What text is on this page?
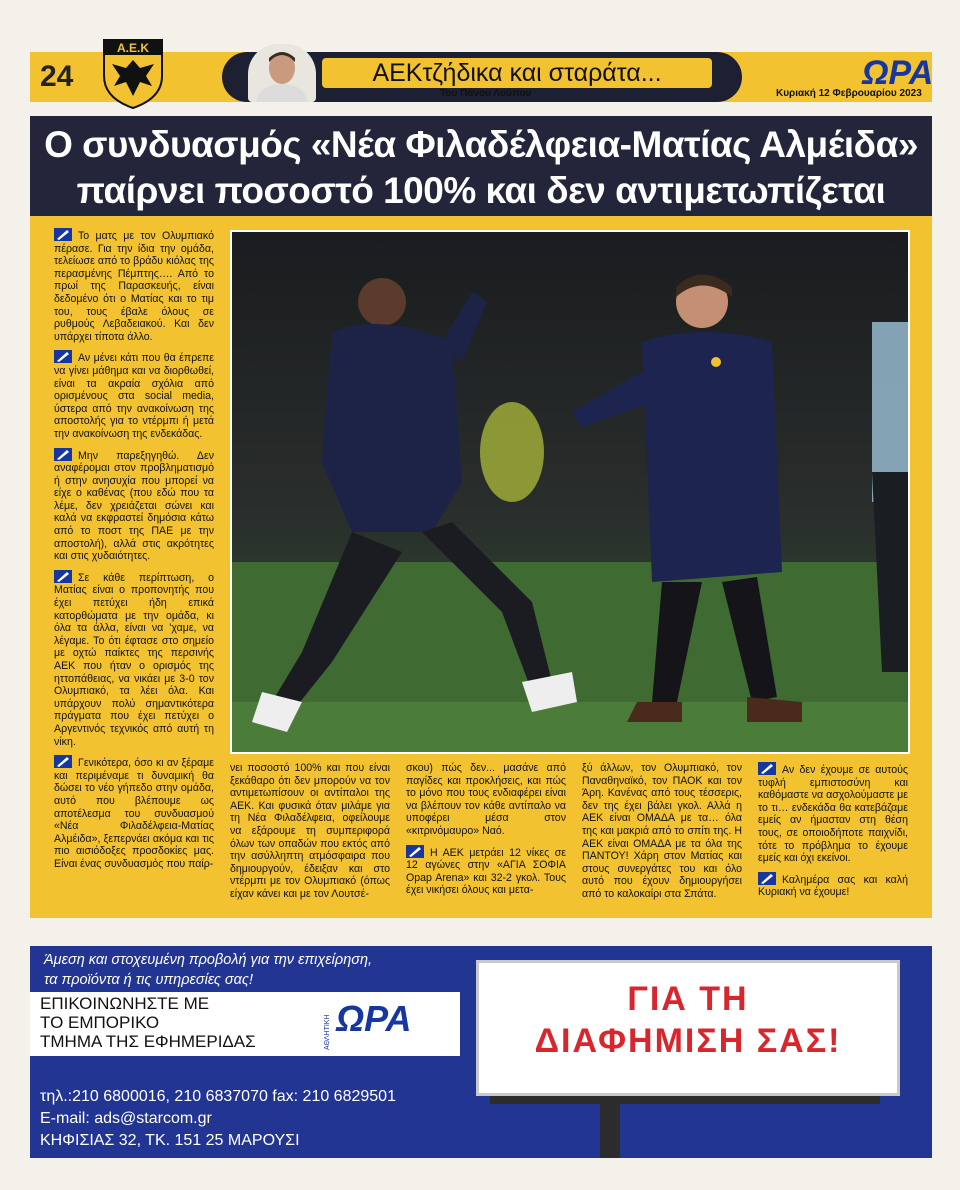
24
Α.Ε.Κ
ΑΕΚτζήδικα και σταράτα...
Του Πάνου Λούπου
ΩΡΑ
Κυριακή 12 Φεβρουαρίου 2023
Ο συνδυασμός «Νέα Φιλαδέλφεια-Ματίας Αλμέιδα»
παίρνει ποσοστό 100% και δεν αντιμετωπίζεται

Το ματς με τον Ολυμπιακό πέρασε. Για την ίδια την ομάδα, τελείωσε από το βράδυ κιόλας της περασμένης Πέμπτης…. Από το πρωί της Παρασκευής, είναι δεδομένο ότι ο Ματίας και το τιμ του, τους έβαλε όλους σε ρυθμούς Λεβαδειακού. Και δεν υπάρχει τίποτα άλλο.

Αν μένει κάτι που θα έπρεπε να γίνει μάθημα και να διορθωθεί, είναι τα ακραία σχόλια από ορισμένους στα social media, ύστερα από την ανακοίνωση της αποστολής για το ντέρμπι ή μετά την ανακοίνωση της ενδεκάδας.

Μην παρεξηγηθώ. Δεν αναφέρομαι στον προβληματισμό ή στην ανησυχία που μπορεί να είχε ο καθένας (που εδώ που τα λέμε, δεν χρειάζεται σώνει και καλά να εκφραστεί δημόσια κάτω από το ποστ της ΠΑΕ με την αποστολή), αλλά στις ακρότητες και στις χυδαιότητες.

Σε κάθε περίπτωση, ο Ματίας είναι ο προπονητής που έχει πετύχει ήδη επικά κατορθώματα με την ομάδα, κι όλα τα άλλα, είναι να 'χαμε, να λέγαμε. Το ότι έφτασε στο σημείο με οχτώ παίκτες της περσινής ΑΕΚ που ήταν ο ορισμός της ηττοπάθειας, να νικάει με 3-0 τον Ολυμπιακό, τα λέει όλα. Και υπάρχουν πολύ σημαντικότερα πράγματα που έχει πετύχει ο Αργεντινός τεχνικός από αυτή τη νίκη.

Γενικότερα, όσο κι αν ξέραμε και περιμέναμε τι δυναμική θα δώσει το νέο γήπεδο στην ομάδα, αυτό που βλέπουμε ως αποτέλεσμα του συνδυασμού «Νέα Φιλαδέλφεια-Ματίας Αλμέιδα», ξεπερνάει ακόμα και τις πιο αισιόδοξες προσδοκίες μας. Είναι ένας συνδυασμός που παίρ-

νει ποσοστό 100% και που είναι ξεκάθαρο ότι δεν μπορούν να τον αντιμετωπίσουν οι αντίπαλοι της ΑΕΚ. Και φυσικά όταν μιλάμε για τη Νέα Φιλαδέλφεια, οφείλουμε να εξάρουμε τη συμπεριφορά όλων των οπαδών που εκτός από την ασύλληπτη ατμόσφαιρα που δημιουργούν, έδειξαν και στο ντέρμπι με τον Ολυμπιακό (όπως είχαν κάνει και με τον Λουτσέ-

σκου) πώς δεν... μασάνε από παγίδες και προκλήσεις, και πώς το μόνο που τους ενδιαφέρει είναι να βλέπουν τον κάθε αντίπαλο να υποφέρει μέσα στον «κιτρινόμαυρο» Ναό.

Η ΑΕΚ μετράει 12 νίκες σε 12 αγώνες στην «ΑΓΙΑ ΣΟΦΙΑ Opap Arena» και 32-2 γκολ. Τους έχει νικήσει όλους και μετα-

ξύ άλλων, τον Ολυμπιακό, τον Παναθηναϊκό, τον ΠΑΟΚ και τον Άρη. Κανένας από τους τέσσερις, δεν της έχει βάλει γκολ. Αλλά η ΑΕΚ είναι ΟΜΑΔΑ με τα… όλα της και μακριά από το σπίτι της. Η ΑΕΚ είναι ΟΜΑΔΑ με τα όλα της ΠΑΝΤΟΥ! Χάρη στον Ματίας και στους συνεργάτες του και όλο αυτό που έχουν δημιουργήσει από το καλοκαίρι στα Σπάτα.

Αν δεν έχουμε σε αυτούς τυφλή εμπιστοσύνη και καθόμαστε να ασχολούμαστε με το τι… ενδεκάδα θα κατεβάζαμε εμείς αν ήμασταν στη θέση τους, σε οποιοδήποτε παιχνίδι, τότε το πρόβλημα το έχουμε εμείς και όχι εκείνοι.

Καλημέρα σας και καλή Κυριακή να έχουμε!

Άμεση και στοχευμένη προβολή για την επιχείρηση,
τα προϊόντα ή τις υπηρεσίες σας!
ΕΠΙΚΟΙΝΩΝΗΣΤΕ ΜΕ
ΤΟ ΕΜΠΟΡΙΚΟ
ΤΜΗΜΑ ΤΗΣ ΕΦΗΜΕΡΙΔΑΣ
ΩΡΑ
ΑΘΛΗΤΙΚΗ
τηλ.:210 6800016, 210 6837070 fax: 210 6829501
E-mail: ads@starcom.gr
ΚΗΦΙΣΙΑΣ 32, ΤΚ. 151 25 ΜΑΡΟΥΣΙ
ΓΙΑ ΤΗ
ΔΙΑΦΗΜΙΣΗ ΣΑΣ!
